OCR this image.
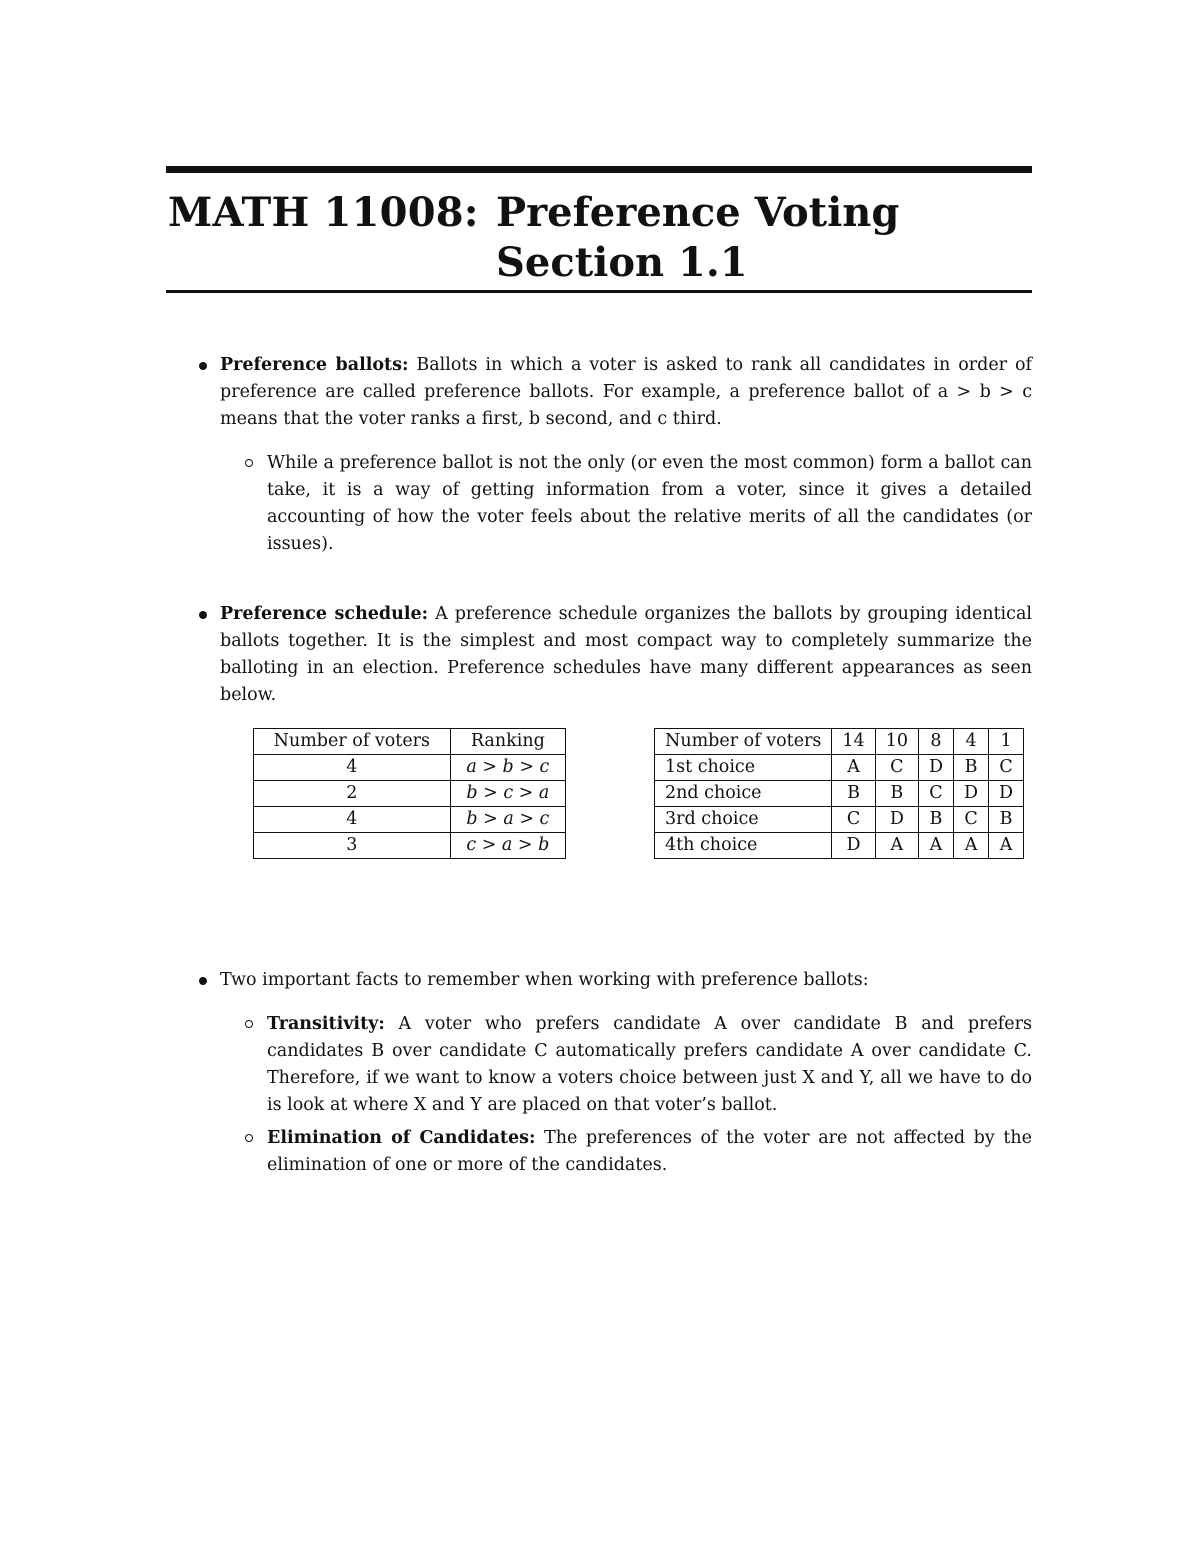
MATH 11008: Preference Voting
Section 1.1
Preference ballots: Ballots in which a voter is asked to rank all candidates in order of preference are called preference ballots. For example, a preference ballot of a > b > c means that the voter ranks a first, b second, and c third.
While a preference ballot is not the only (or even the most common) form a ballot can take, it is a way of getting information from a voter, since it gives a detailed accounting of how the voter feels about the relative merits of all the candidates (or issues).
Preference schedule: A preference schedule organizes the ballots by grouping identical ballots together. It is the simplest and most compact way to completely summarize the balloting in an election. Preference schedules have many different appearances as seen below.
Number of voters	Ranking
4	a > b > c
2	b > c > a
4	b > a > c
3	c > a > b
Number of voters	14	10	8	4	1
1st choice	A	C	D	B	C
2nd choice	B	B	C	D	D
3rd choice	C	D	B	C	B
4th choice	D	A	A	A	A
Two important facts to remember when working with preference ballots:
Transitivity: A voter who prefers candidate A over candidate B and prefers candidates B over candidate C automatically prefers candidate A over candidate C. Therefore, if we want to know a voters choice between just X and Y, all we have to do is look at where X and Y are placed on that voter’s ballot.
Elimination of Candidates: The preferences of the voter are not affected by the elimination of one or more of the candidates.
